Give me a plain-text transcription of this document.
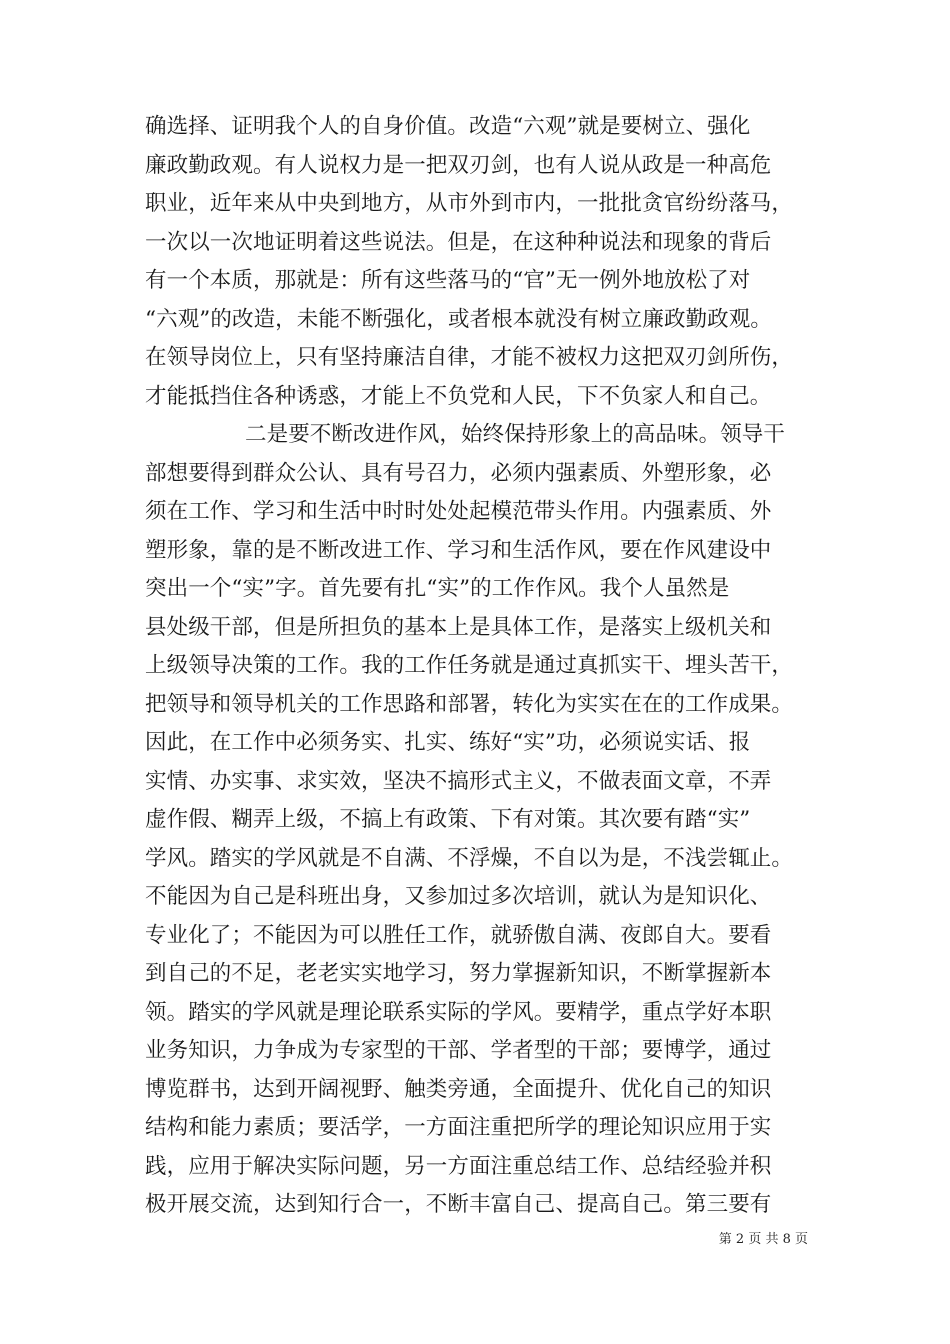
确选择、证明我个人的自身价值。改造“六观”就是要树立、强化
廉政勤政观。有人说权力是一把双刃剑，也有人说从政是一种高危
职业，近年来从中央到地方，从市外到市内，一批批贪官纷纷落马，
一次以一次地证明着这些说法。但是，在这种种说法和现象的背后
有一个本质，那就是：所有这些落马的“官”无一例外地放松了对
“六观”的改造，未能不断强化，或者根本就没有树立廉政勤政观。
在领导岗位上，只有坚持廉洁自律，才能不被权力这把双刃剑所伤，
才能抵挡住各种诱惑，才能上不负党和人民，下不负家人和自己。
二是要不断改进作风，始终保持形象上的高品味。领导干
部想要得到群众公认、具有号召力，必须内强素质、外塑形象，必
须在工作、学习和生活中时时处处起模范带头作用。内强素质、外
塑形象，靠的是不断改进工作、学习和生活作风，要在作风建设中
突出一个“实”字。首先要有扎“实”的工作作风。我个人虽然是
县处级干部，但是所担负的基本上是具体工作，是落实上级机关和
上级领导决策的工作。我的工作任务就是通过真抓实干、埋头苦干，
把领导和领导机关的工作思路和部署，转化为实实在在的工作成果。
因此，在工作中必须务实、扎实、练好“实”功，必须说实话、报
实情、办实事、求实效，坚决不搞形式主义，不做表面文章，不弄
虚作假、糊弄上级，不搞上有政策、下有对策。其次要有踏“实”
学风。踏实的学风就是不自满、不浮燥，不自以为是，不浅尝辄止。
不能因为自己是科班出身，又参加过多次培训，就认为是知识化、
专业化了；不能因为可以胜任工作，就骄傲自满、夜郎自大。要看
到自己的不足，老老实实地学习，努力掌握新知识，不断掌握新本
领。踏实的学风就是理论联系实际的学风。要精学，重点学好本职
业务知识，力争成为专家型的干部、学者型的干部；要博学，通过
博览群书，达到开阔视野、触类旁通，全面提升、优化自己的知识
结构和能力素质；要活学，一方面注重把所学的理论知识应用于实
践，应用于解决实际问题，另一方面注重总结工作、总结经验并积
极开展交流，达到知行合一，不断丰富自己、提高自己。第三要有
第 2 页 共 8 页
